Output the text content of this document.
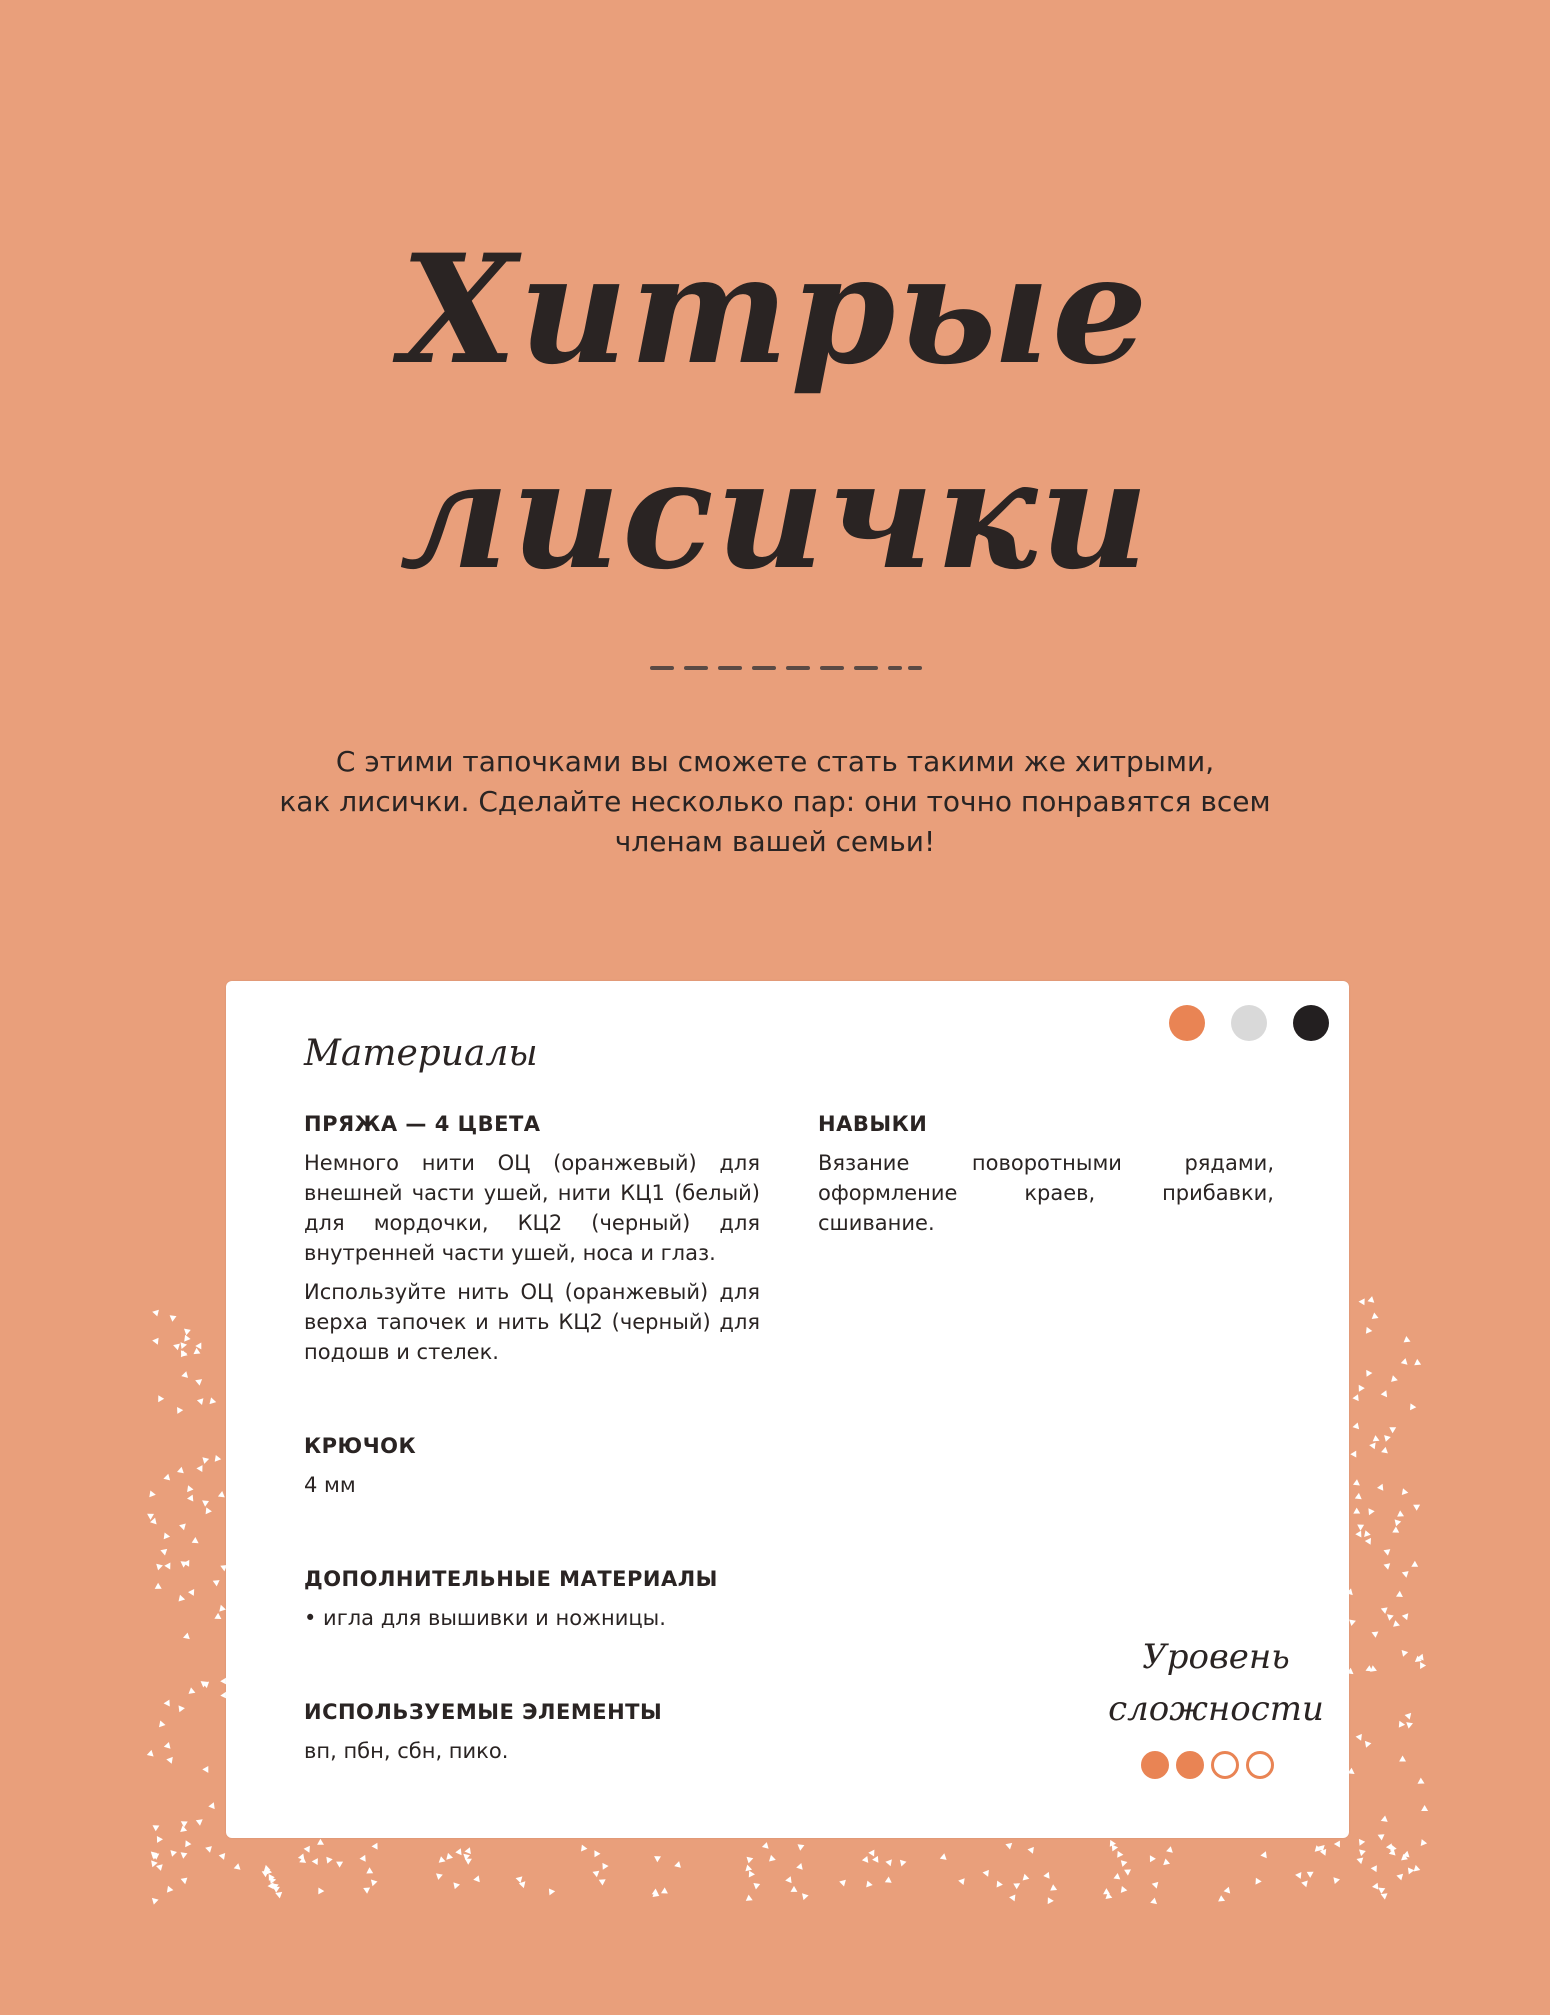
Хитрые
лисички
С этими тапочками вы сможете стать такими же хитрыми,
как лисички. Сделайте несколько пар: они точно понравятся всем
членам вашей семьи!
Материалы
ПРЯЖА — 4 ЦВЕТА
Немного нити ОЦ (оранжевый) для внешней части ушей, нити КЦ1 (белый) для мордочки, КЦ2 (черный) для внутренней части ушей, носа и глаз.
Используйте нить ОЦ (оранжевый) для верха тапочек и нить КЦ2 (черный) для подошв и стелек.
КРЮЧОК
4 мм
ДОПОЛНИТЕЛЬНЫЕ МАТЕРИАЛЫ
• игла для вышивки и ножницы.
ИСПОЛЬЗУЕМЫЕ ЭЛЕМЕНТЫ
вп, пбн, сбн, пико.
НАВЫКИ
Вязание поворотными рядами, оформление краев, прибавки, сшивание.
Уровень
сложности
